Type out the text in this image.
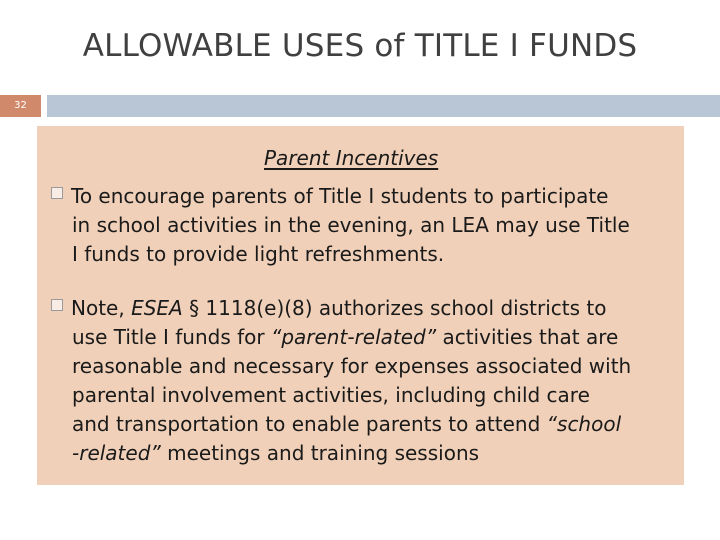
ALLOWABLE USES of TITLE I FUNDS
32
Parent Incentives
To encourage parents of Title I students to participate
in school activities in the evening, an LEA may use Title
I funds to provide light refreshments.
Note, ESEA § 1118(e)(8) authorizes school districts to
use Title I funds for “parent-related” activities that are
reasonable and necessary for expenses associated with
parental involvement activities, including child care
and transportation to enable parents to attend “school
-related” meetings and training sessions
